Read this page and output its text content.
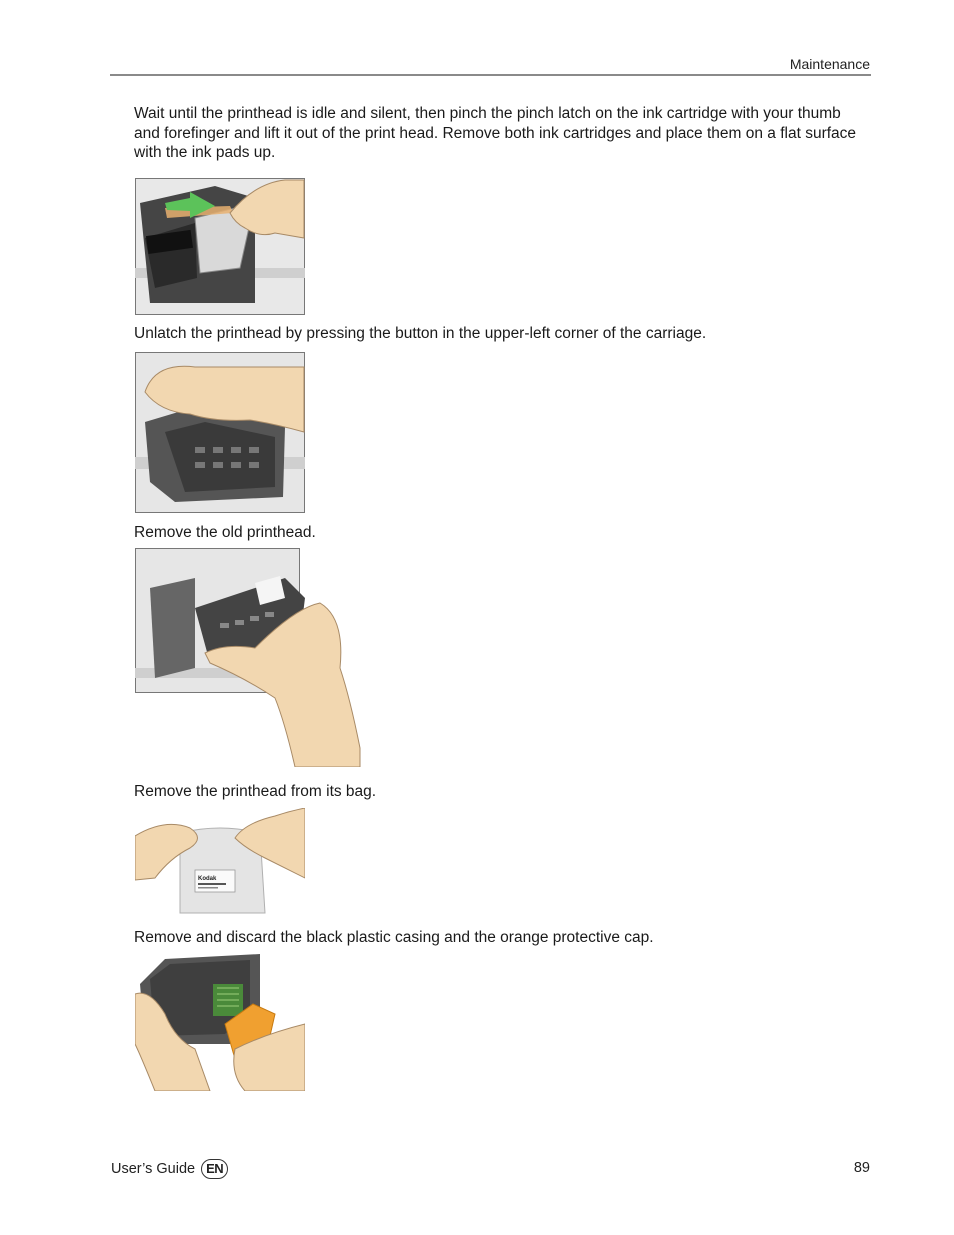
Maintenance

Wait until the printhead is idle and silent, then pinch the pinch latch on the ink cartridge with your thumb and forefinger and lift it out of the print head. Remove both ink cartridges and place them on a flat surface with the ink pads up.

Unlatch the printhead by pressing the button in the upper-left corner of the carriage.

Remove the old printhead.

Remove the printhead from its bag.

Kodak

Remove and discard the black plastic casing and the orange protective cap.

User’s Guide EN	89
